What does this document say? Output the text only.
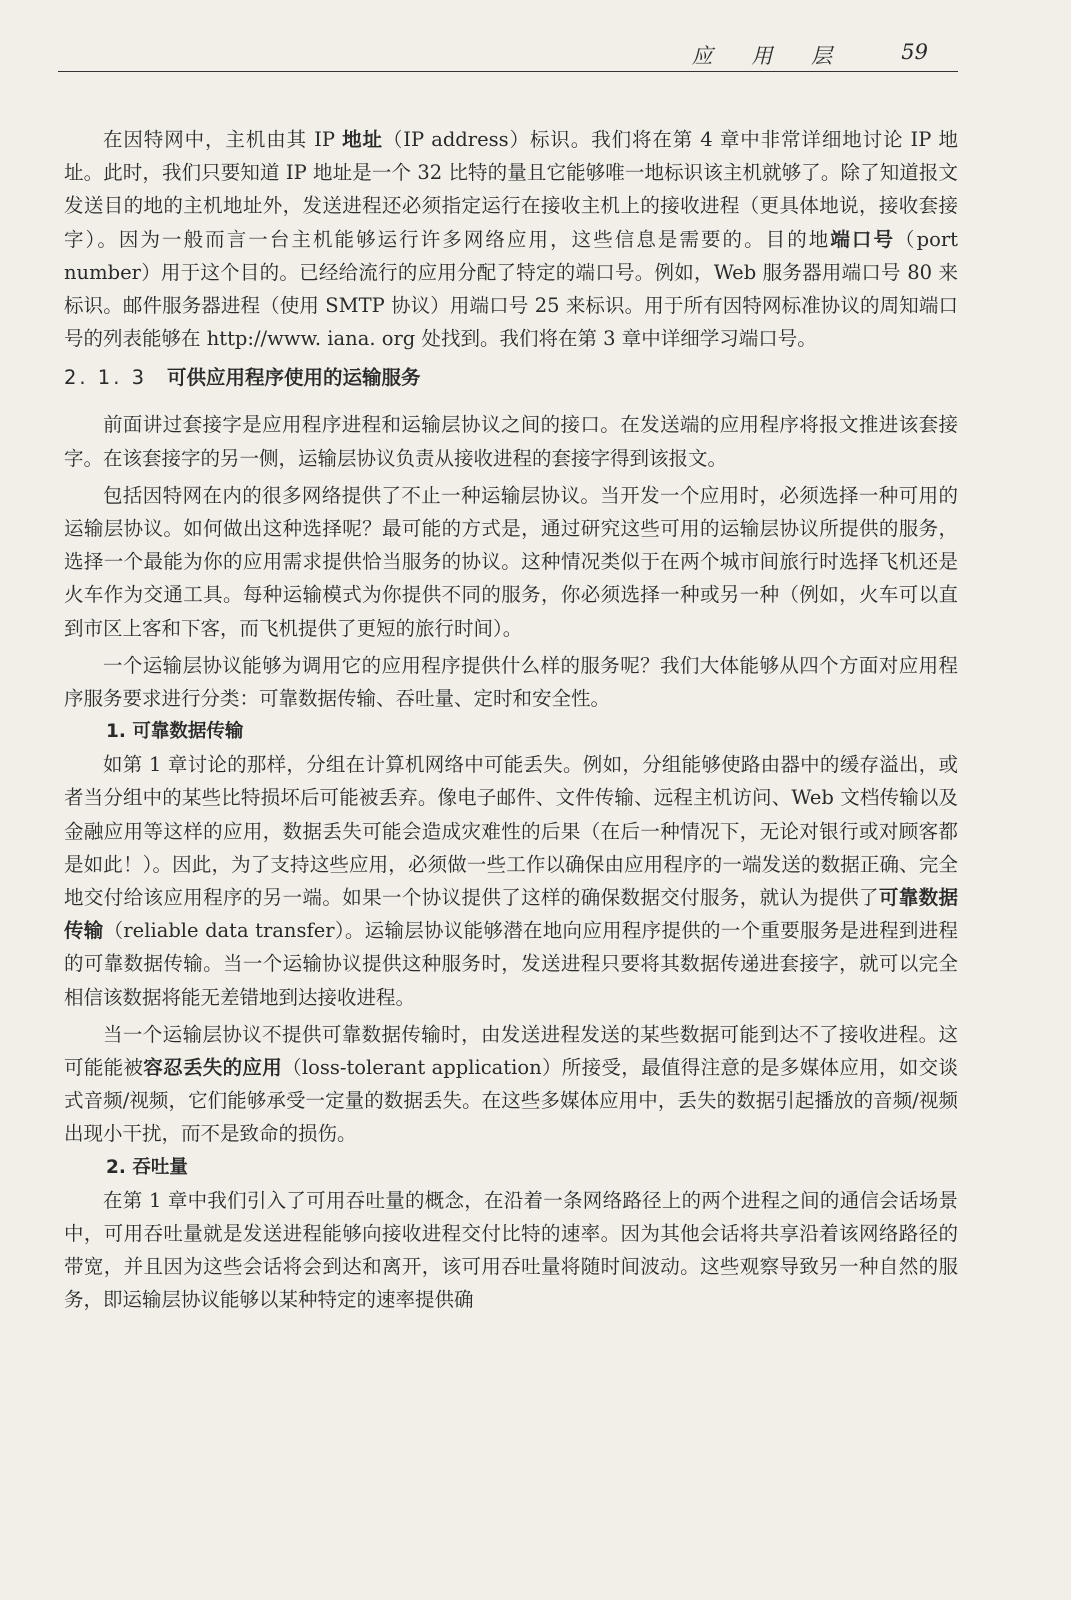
应 用 层	59

在因特网中，主机由其 IP 地址（IP address）标识。我们将在第 4 章中非常详细地讨论 IP 地址。此时，我们只要知道 IP 地址是一个 32 比特的量且它能够唯一地标识该主机就够了。除了知道报文发送目的地的主机地址外，发送进程还必须指定运行在接收主机上的接收进程（更具体地说，接收套接字）。因为一般而言一台主机能够运行许多网络应用，这些信息是需要的。目的地端口号（port number）用于这个目的。已经给流行的应用分配了特定的端口号。例如，Web 服务器用端口号 80 来标识。邮件服务器进程（使用 SMTP 协议）用端口号 25 来标识。用于所有因特网标准协议的周知端口号的列表能够在 http://www. iana. org 处找到。我们将在第 3 章中详细学习端口号。

2. 1. 3 可供应用程序使用的运输服务

前面讲过套接字是应用程序进程和运输层协议之间的接口。在发送端的应用程序将报文推进该套接字。在该套接字的另一侧，运输层协议负责从接收进程的套接字得到该报文。

包括因特网在内的很多网络提供了不止一种运输层协议。当开发一个应用时，必须选择一种可用的运输层协议。如何做出这种选择呢？最可能的方式是，通过研究这些可用的运输层协议所提供的服务，选择一个最能为你的应用需求提供恰当服务的协议。这种情况类似于在两个城市间旅行时选择飞机还是火车作为交通工具。每种运输模式为你提供不同的服务，你必须选择一种或另一种（例如，火车可以直到市区上客和下客，而飞机提供了更短的旅行时间）。

一个运输层协议能够为调用它的应用程序提供什么样的服务呢？我们大体能够从四个方面对应用程序服务要求进行分类：可靠数据传输、吞吐量、定时和安全性。

1. 可靠数据传输

如第 1 章讨论的那样，分组在计算机网络中可能丢失。例如，分组能够使路由器中的缓存溢出，或者当分组中的某些比特损坏后可能被丢弃。像电子邮件、文件传输、远程主机访问、Web 文档传输以及金融应用等这样的应用，数据丢失可能会造成灾难性的后果（在后一种情况下，无论对银行或对顾客都是如此！）。因此，为了支持这些应用，必须做一些工作以确保由应用程序的一端发送的数据正确、完全地交付给该应用程序的另一端。如果一个协议提供了这样的确保数据交付服务，就认为提供了可靠数据传输（reliable data transfer）。运输层协议能够潜在地向应用程序提供的一个重要服务是进程到进程的可靠数据传输。当一个运输协议提供这种服务时，发送进程只要将其数据传递进套接字，就可以完全相信该数据将能无差错地到达接收进程。

当一个运输层协议不提供可靠数据传输时，由发送进程发送的某些数据可能到达不了接收进程。这可能能被容忍丢失的应用（loss-tolerant application）所接受，最值得注意的是多媒体应用，如交谈式音频/视频，它们能够承受一定量的数据丢失。在这些多媒体应用中，丢失的数据引起播放的音频/视频出现小干扰，而不是致命的损伤。

2. 吞吐量

在第 1 章中我们引入了可用吞吐量的概念，在沿着一条网络路径上的两个进程之间的通信会话场景中，可用吞吐量就是发送进程能够向接收进程交付比特的速率。因为其他会话将共享沿着该网络路径的带宽，并且因为这些会话将会到达和离开，该可用吞吐量将随时间波动。这些观察导致另一种自然的服务，即运输层协议能够以某种特定的速率提供确
